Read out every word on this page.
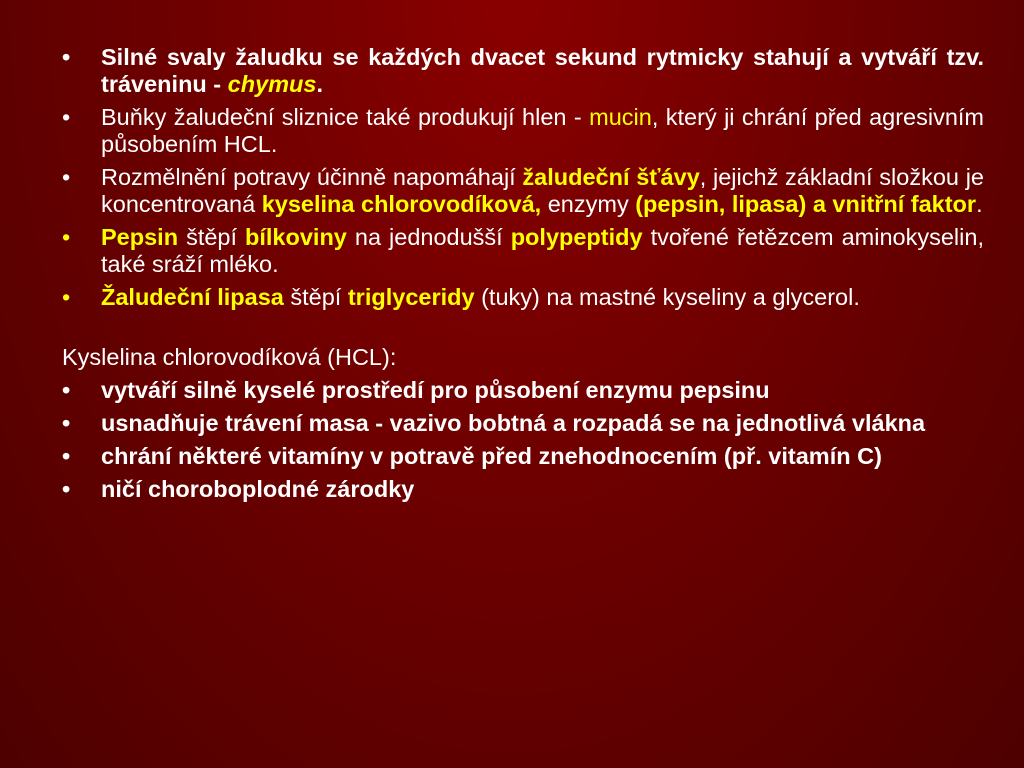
•	Silné svaly žaludku se každých dvacet sekund rytmicky stahují a vytváří tzv. tráveninu - chymus.
•	Buňky žaludeční sliznice také produkují hlen - mucin, který ji chrání před agresivním působením HCL.
•	Rozmělnění potravy účinně napomáhají žaludeční šťávy, jejichž základní složkou je koncentrovaná kyselina chlorovodíková, enzymy (pepsin, lipasa) a vnitřní faktor.
•	Pepsin štěpí bílkoviny na jednodušší polypeptidy tvořené řetězcem aminokyselin, také sráží mléko.
•	Žaludeční lipasa štěpí triglyceridy (tuky) na mastné kyseliny a glycerol.
Kyslelina chlorovodíková (HCL):
•	vytváří silně kyselé prostředí pro působení enzymu pepsinu
•	usnadňuje trávení masa - vazivo bobtná a rozpadá se na jednotlivá vlákna
•	chrání některé vitamíny v potravě před znehodnocením (př. vitamín C)
•	ničí choroboplodné zárodky
